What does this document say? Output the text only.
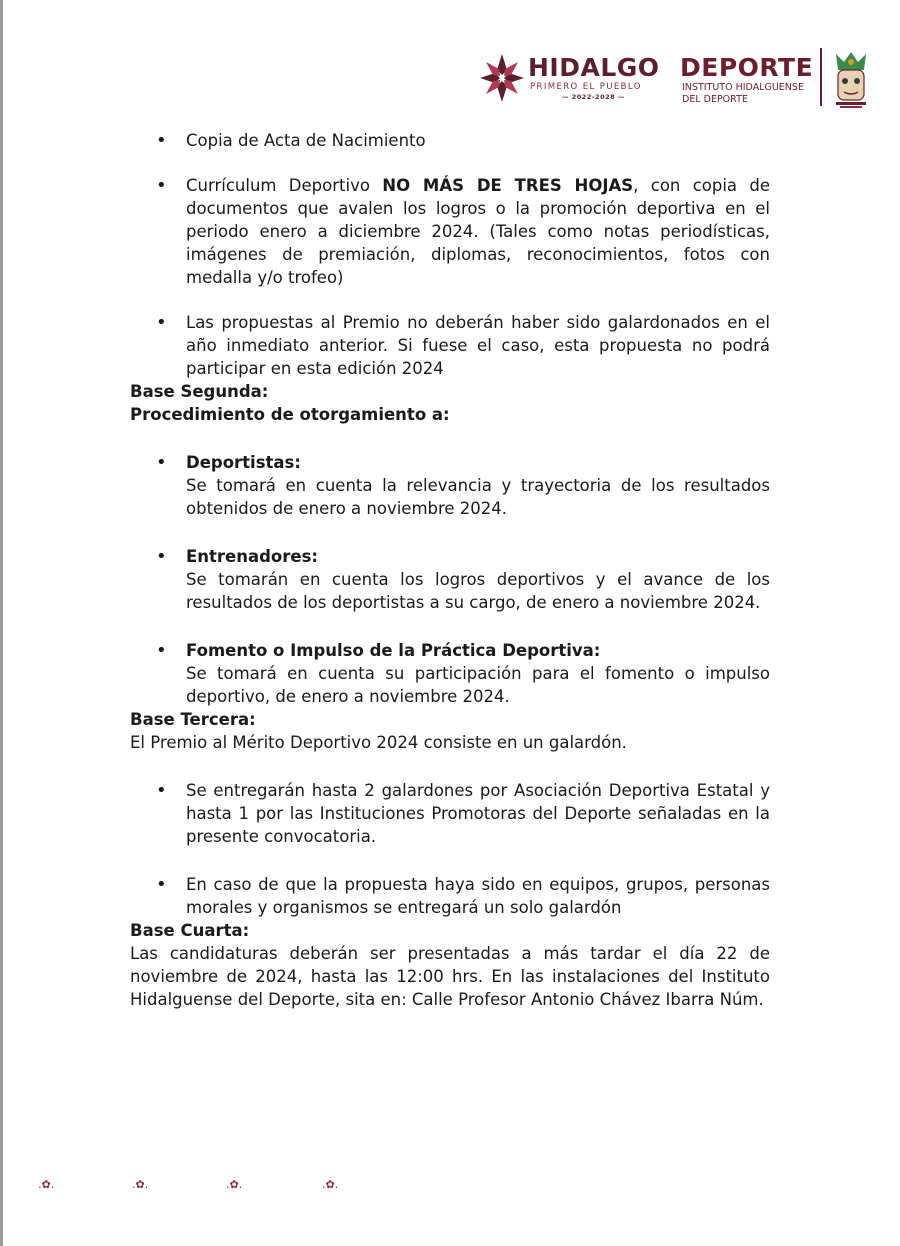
HIDALGO
PRIMERO EL PUEBLO
— 2022-2028 —
DEPORTE
INSTITUTO HIDALGUENSE
DEL DEPORTE
• Copia de Acta de Nacimiento
• Currículum Deportivo NO MÁS DE TRES HOJAS, con copia de documentos que avalen los logros o la promoción deportiva en el periodo enero a diciembre 2024. (Tales como notas periodísticas, imágenes de premiación, diplomas, reconocimientos, fotos con medalla y/o trofeo)
• Las propuestas al Premio no deberán haber sido galardonados en el año inmediato anterior. Si fuese el caso, esta propuesta no podrá participar en esta edición 2024

Base Segunda:

Procedimiento de otorgamiento a:

• Deportistas:
Se tomará en cuenta la relevancia y trayectoria de los resultados obtenidos de enero a noviembre 2024.
• Entrenadores:
Se tomarán en cuenta los logros deportivos y el avance de los resultados de los deportistas a su cargo, de enero a noviembre 2024.
• Fomento o Impulso de la Práctica Deportiva:
Se tomará en cuenta su participación para el fomento o impulso deportivo, de enero a noviembre 2024.

Base Tercera:

El Premio al Mérito Deportivo 2024 consiste en un galardón.

• Se entregarán hasta 2 galardones por Asociación Deportiva Estatal y hasta 1 por las Instituciones Promotoras del Deporte señaladas en la presente convocatoria.
• En caso de que la propuesta haya sido en equipos, grupos, personas morales y organismos se entregará un solo galardón

Base Cuarta:

Las candidaturas deberán ser presentadas a más tardar el día 22 de noviembre de 2024, hasta las 12:00 hrs. En las instalaciones del Instituto Hidalguense del Deporte, sita en: Calle Profesor Antonio Chávez Ibarra Núm.

.✿.	.✿.	.✿.	.✿.
